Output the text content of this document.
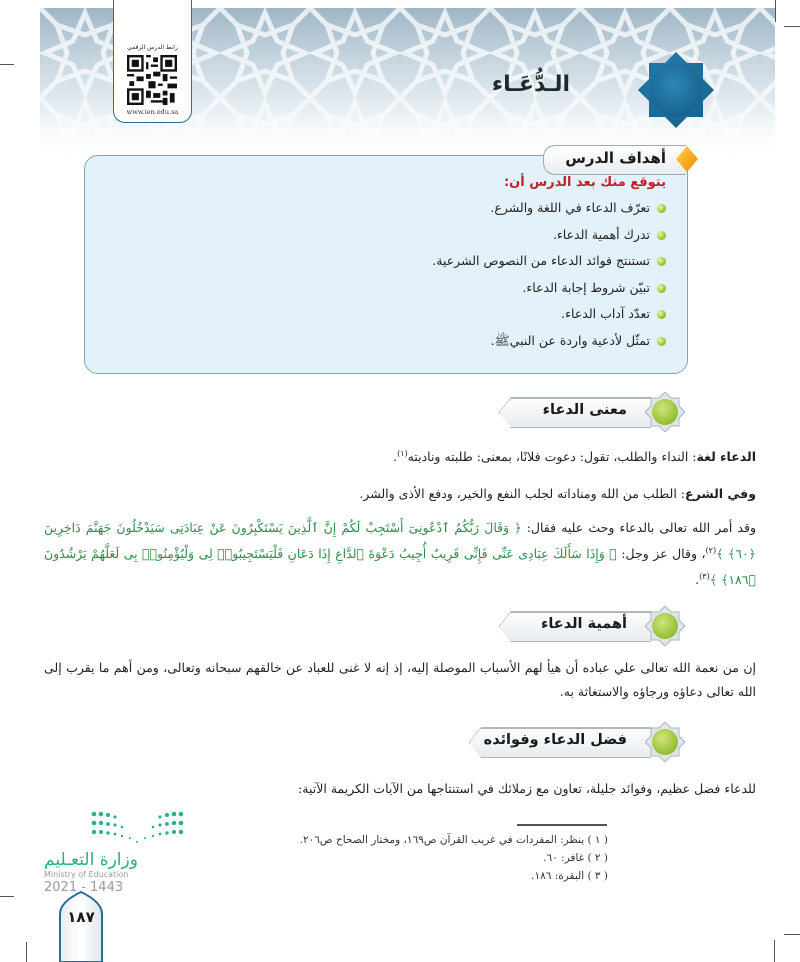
رابط الدرس الرقمي
www.ien.edu.sa
الـدُّعَـاء
أهداف الدرس
يتوقع منك بعد الدرس أن:
تعرّف الدعاء في اللغة والشرع.
تدرك أهمية الدعاء.
تستنتج فوائد الدعاء من النصوص الشرعية.
تبيّن شروط إجابة الدعاء.
تعدّد آداب الدعاء.
تمثّل لأدعية واردة عن النبيﷺ.
معنى الدعاء
الدعاء لغة: النداء والطلب، تقول: دعوت فلانًا، بمعنى: طلبته وناديته$^{(١)}$.
وفي الشرع: الطلب من الله ومناداته لجلب النفع والخير، ودفع الأذى والشر.
وقد أمر الله تعالى بالدعاء وحث عليه فقال: ﴿ وَقَالَ رَبُّكُمُ ٱدْعُونِىٓ أَسْتَجِبْ لَكُمْ إِنَّ ٱلَّذِينَ يَسْتَكْبِرُونَ عَنْ عِبَادَتِى سَيَدْخُلُونَ جَهَنَّمَ دَاخِرِينَ ﴿٦٠﴾ ﴾$^{(٢)}$، وقال عز وجل: ﴿ وَإِذَا سَأَلَكَ عِبَادِى عَنِّى فَإِنِّى قَرِيبٌ أُجِيبُ دَعْوَةَ ٱلدَّاعِ إِذَا دَعَانِ فَلْيَسْتَجِيبُوا۟ لِى وَلْيُؤْمِنُوا۟ بِى لَعَلَّهُمْ يَرْشُدُونَ ﴿١٨٦﴾ ﴾$^{(٣)}$.
أهمية الدعاء
إن من نعمة الله تعالى علي عباده أن هيأ لهم الأسباب الموصلة إليه، إذ إنه لا غنى للعباد عن خالقهم سبحانه وتعالى، ومن أهم ما يقرب إلى الله تعالى دعاؤه ورجاؤه والاستغاثة به.
فضل الدعاء وفوائده
للدعاء فضل عظيم، وفوائد جليلة، تعاون مع زملائك في استنتاجها من الآيات الكريمة الآتية:
( ١ ) ينظر: المفردات في غريب القرآن ص١٦٩، ومختار الصحاح ص٢٠٦.
( ٢ ) غافر: ٦٠.
( ٣ ) البقرة: ١٨٦.
١٨٧
وزارة التعـليم
Ministry of Education
2021 - 1443
